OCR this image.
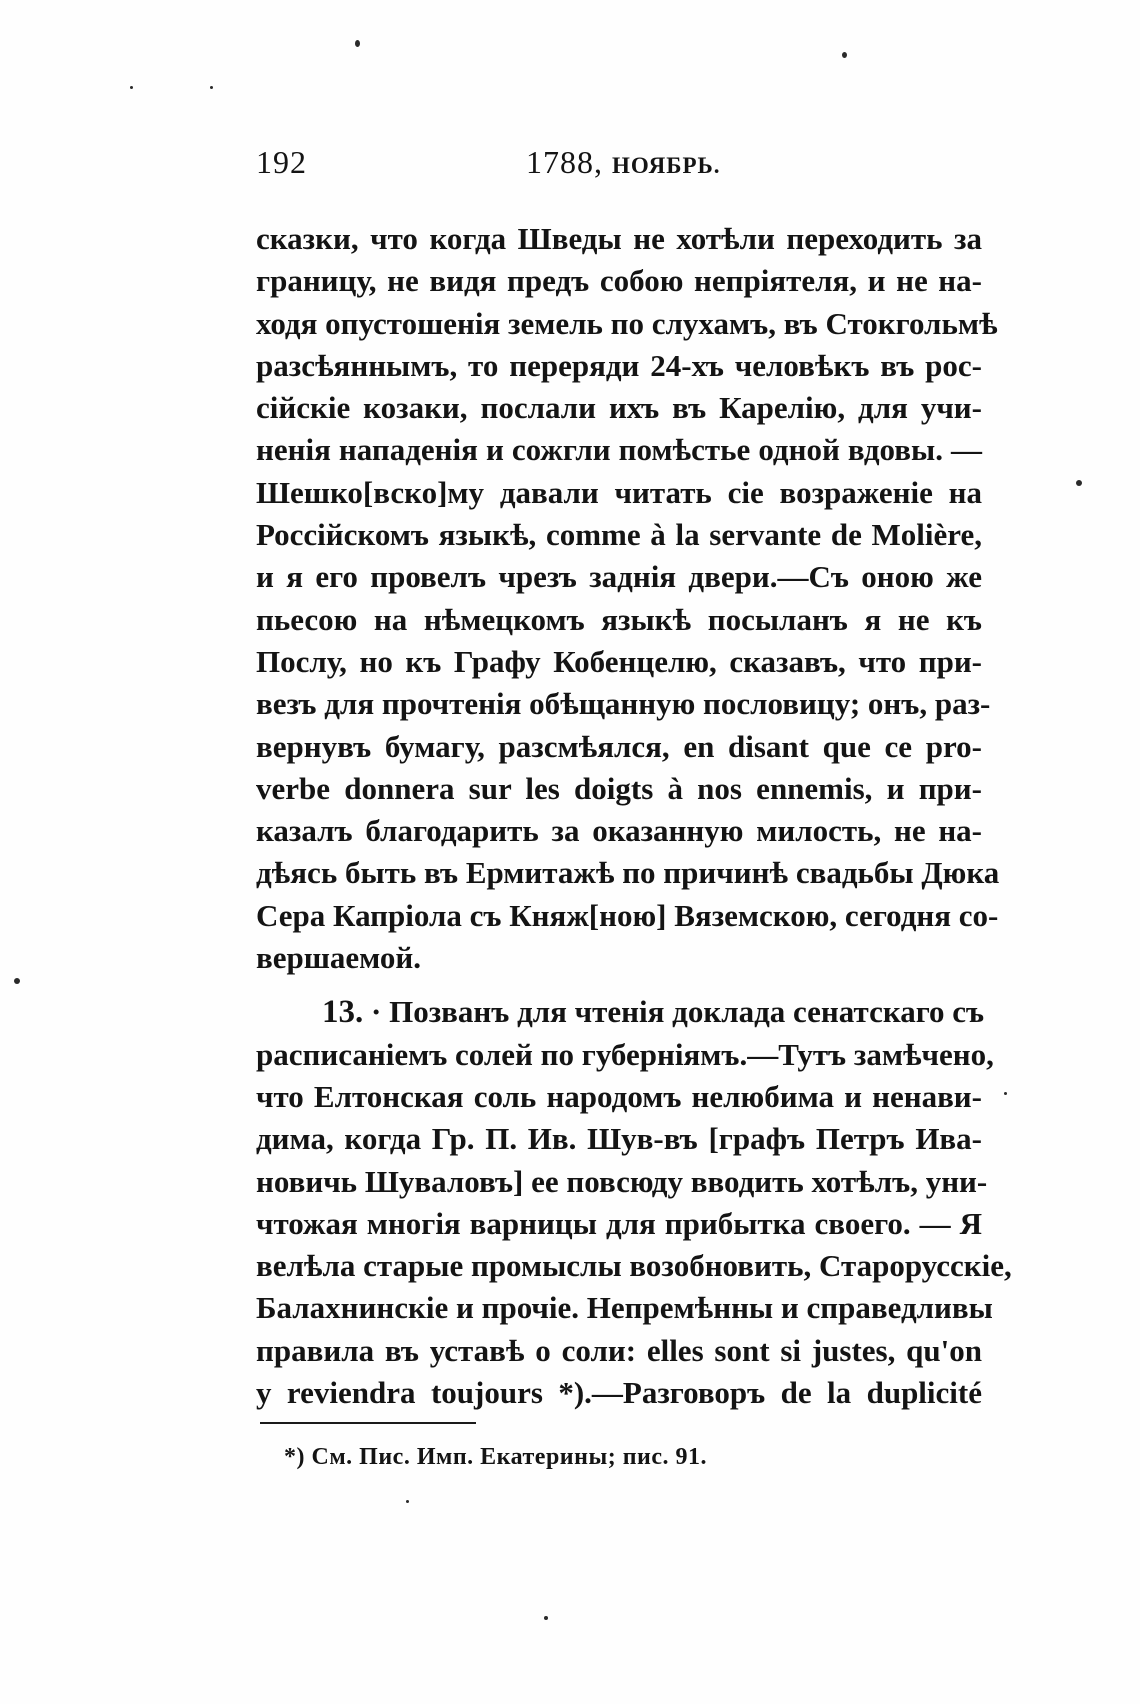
192	1788, НОЯБРЬ.
сказки, что когда Шведы не хотѣли переходить за
границу, не видя предъ собою непріятеля, и не на-
ходя опустошенія земель по слухамъ, въ Стокгольмѣ
разсѣяннымъ, то переряди 24-хъ человѣкъ въ рос-
сійскіе козаки, послали ихъ въ Карелію, для учи-
ненія нападенія и сожгли помѣстье одной вдовы. —
Шешко[вско]му давали читать сіе возраженіе на
Россійскомъ языкѣ, comme à la servante de Molière,
и я его провелъ чрезъ заднія двери.—Съ оною же
пьесою на нѣмецкомъ языкѣ посыланъ я не къ
Послу, но къ Графу Кобенцелю, сказавъ, что при-
везъ для прочтенія обѣщанную пословицу; онъ, раз-
вернувъ бумагу, разсмѣялся, en disant que ce pro-
verbe donnera sur les doigts à nos ennemis, и при-
казалъ благодарить за оказанную милость, не на-
дѣясь быть въ Ермитажѣ по причинѣ свадьбы Дюка
Сера Капріола съ Княж[ною] Вяземскою, сегодня со-
вершаемой.
13. · Позванъ для чтенія доклада сенатскаго съ
расписаніемъ солей по губерніямъ.—Тутъ замѣчено,
что Елтонская соль народомъ нелюбима и ненави-
дима, когда Гр. П. Ив. Шув-въ [графъ Петръ Ива-
новичь Шуваловъ] ее повсюду вводить хотѣлъ, уни-
чтожая многія варницы для прибытка своего. — Я
велѣла старые промыслы возобновить, Старорусскіе,
Балахнинскіе и прочіе. Непремѣнны и справедливы
правила въ уставѣ о соли: elles sont si justes, qu'on
y reviendra toujours *).—Разговоръ de la duplicité
*) См. Пис. Имп. Екатерины; пис. 91.
